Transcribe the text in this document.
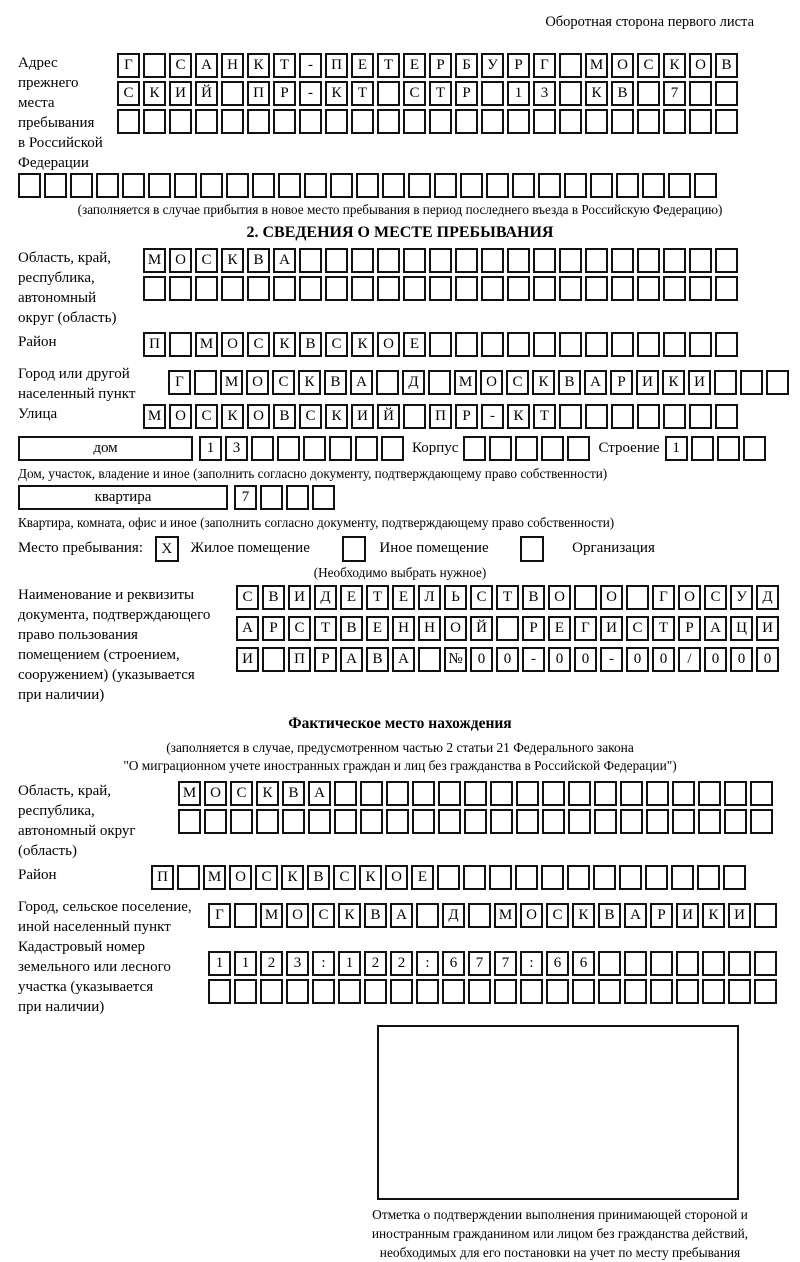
Оборотная сторона первого листа
Адрес прежнего
места пребывания
в Российской
Федерации
Г	С А Н К Т - П Е Т Е Р Б У Р Г	М О С К О В
С К И Й	П Р - К Т	С Т Р	1 3	К В	7
(заполняется в случае прибытия в новое место пребывания в период последнего въезда в Российскую Федерацию)
2. СВЕДЕНИЯ О МЕСТЕ ПРЕБЫВАНИЯ
Область, край,
республика,
автономный
округ (область)
М О С К В А
Район	П	М О С К В С К О Е
Город или другой
населенный пункт
Г	М О С К В А	Д	М О С К В А Р И К И
Улица	М О С К О В С К И Й	П Р - К Т
дом	1 3	Корпус	Строение 1
Дом, участок, владение и иное (заполнить согласно документу, подтверждающему право собственности)
квартира	7
Квартира, комната, офис и иное (заполнить согласно документу, подтверждающему право собственности)
Место пребывания: X Жилое помещение	Иное помещение	Организация
(Необходимо выбрать нужное)
Наименование и реквизиты
документа, подтверждающего
право пользования
помещением (строением,
сооружением) (указывается
при наличии)
С В И Д Е Т Е Л Ь С Т В О	О	Г О С У Д
А Р С Т В Е Н Н О Й	Р Е Г И С Т Р А Ц И
И	П Р А В А	№ 0 0 - 0 0 - 0 0 / 0 0 0
Фактическое место нахождения
(заполняется в случае, предусмотренном частью 2 статьи 21 Федерального закона
"О миграционном учете иностранных граждан и лиц без гражданства в Российской Федерации")
Область, край,
республика,
автономный округ
(область)
М О С К В А
Район	П	М О С К В С К О Е
Город, сельское поселение,
иной населенный пункт
Г	М О С К В А	Д	М О С К В А Р И К И
Кадастровый номер
земельного или лесного
участка (указывается
при наличии)
1 1 2 3 : 1 2 2 : 6 7 7 : 6 6
Отметка о подтверждении выполнения принимающей стороной и иностранным гражданином или лицом без гражданства действий, необходимых для его постановки на учет по месту пребывания
